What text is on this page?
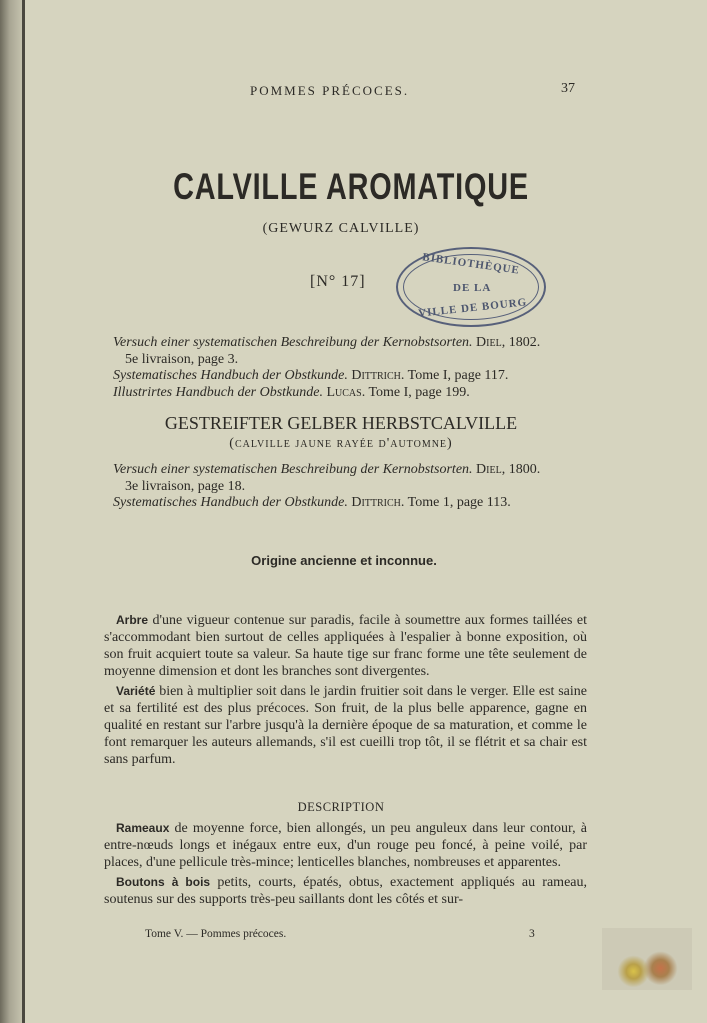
POMMES PRÉCOCES.	37
CALVILLE AROMATIQUE
(GEWURZ CALVILLE)
[N° 17]
BIBLIOTHÈQUE
DE LA
VILLE DE BOURG
Versuch einer systematischen Beschreibung der Kernobstsorten. Diel, 1802.
5e livraison, page 3.
Systematisches Handbuch der Obstkunde. Dittrich. Tome I, page 117.
Illustrirtes Handbuch der Obstkunde. Lucas. Tome I, page 199.
GESTREIFTER GELBER HERBSTCALVILLE
(calville jaune rayée d'automne)
Versuch einer systematischen Beschreibung der Kernobstsorten. Diel, 1800.
3e livraison, page 18.
Systematisches Handbuch der Obstkunde. Dittrich. Tome 1, page 113.
Origine ancienne et inconnue.

Arbre d'une vigueur contenue sur paradis, facile à soumettre aux formes taillées et s'accommodant bien surtout de celles appliquées à l'espalier à bonne exposition, où son fruit acquiert toute sa valeur. Sa haute tige sur franc forme une tête seulement de moyenne dimension et dont les branches sont divergentes.

Variété bien à multiplier soit dans le jardin fruitier soit dans le verger. Elle est saine et sa fertilité est des plus précoces. Son fruit, de la plus belle apparence, gagne en qualité en restant sur l'arbre jusqu'à la dernière époque de sa maturation, et comme le font remarquer les auteurs allemands, s'il est cueilli trop tôt, il se flétrit et sa chair est sans parfum.

DESCRIPTION

Rameaux de moyenne force, bien allongés, un peu anguleux dans leur contour, à entre-nœuds longs et inégaux entre eux, d'un rouge peu foncé, à peine voilé, par places, d'une pellicule très-mince; lenticelles blanches, nombreuses et apparentes.

Boutons à bois petits, courts, épatés, obtus, exactement appliqués au rameau, soutenus sur des supports très-peu saillants dont les côtés et sur-

Tome V. — Pommes précoces.	3
